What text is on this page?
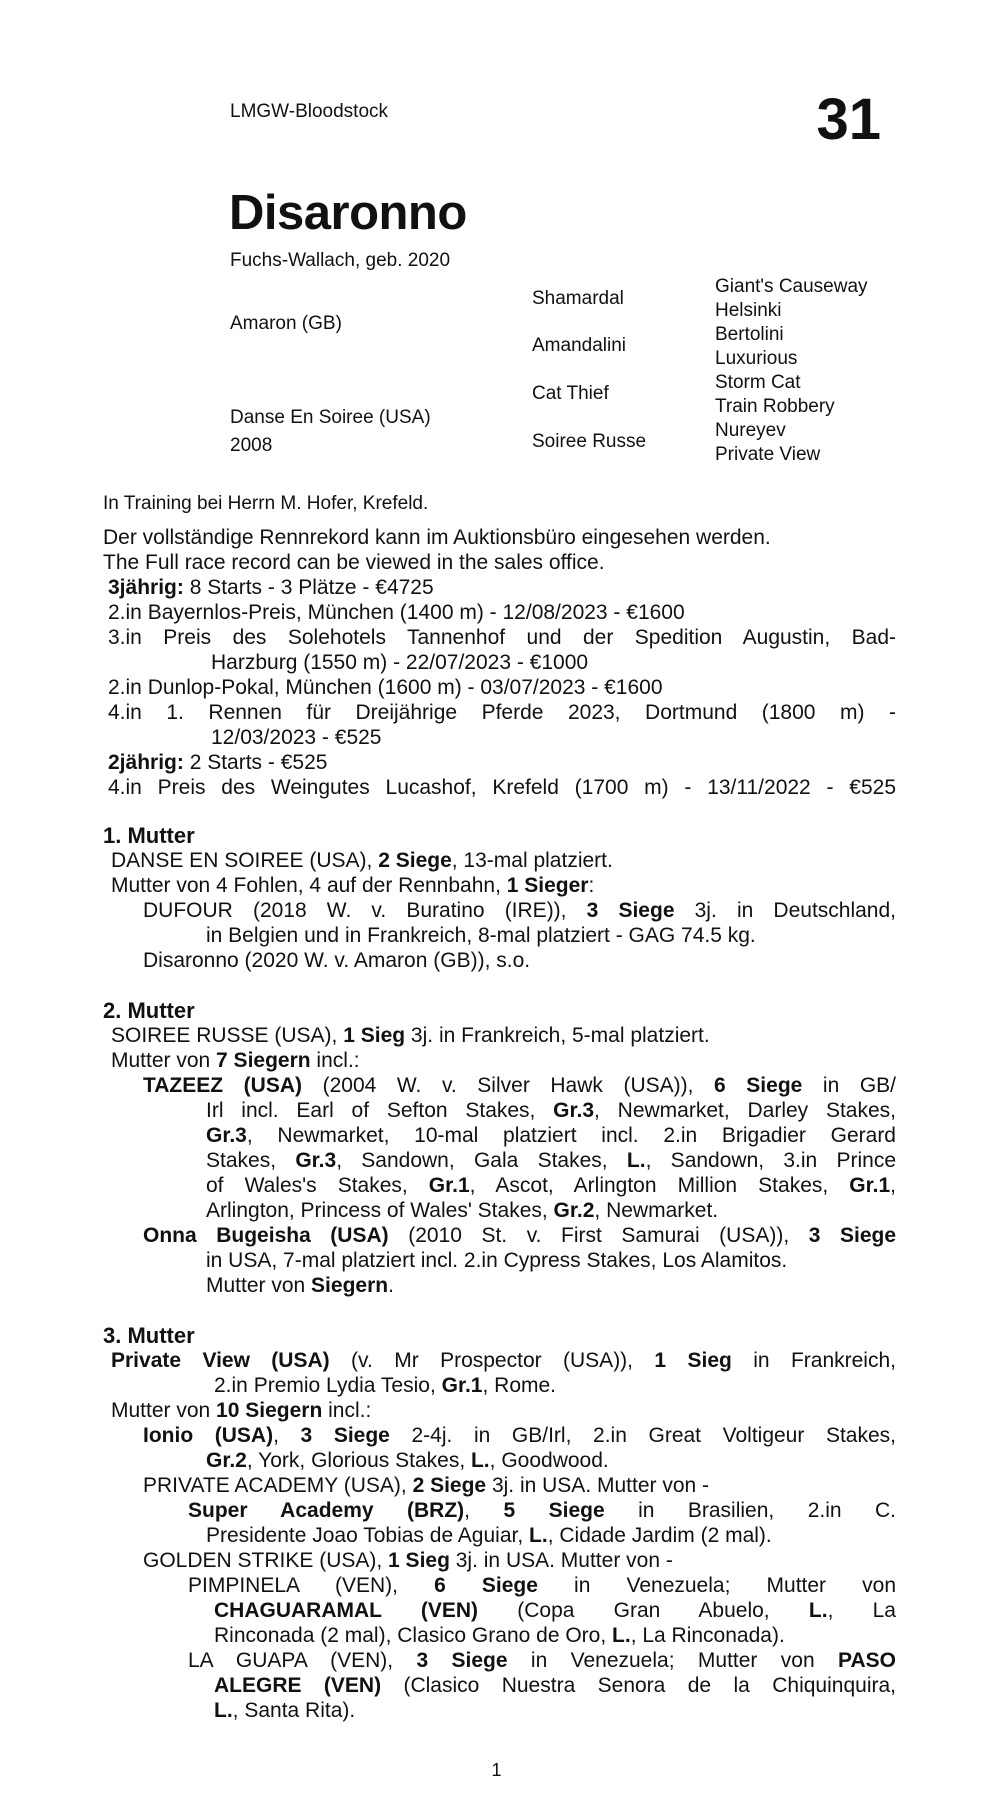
LMGW-Bloodstock	31
Disaronno
Fuchs-Wallach, geb. 2020
Amaron (GB)
Danse En Soiree (USA)
2008
Shamardal
Amandalini
Cat Thief
Soiree Russe
Giant's Causeway
Helsinki
Bertolini
Luxurious
Storm Cat
Train Robbery
Nureyev
Private View
In Training bei Herrn M. Hofer, Krefeld.
Der vollständige Rennrekord kann im Auktionsbüro eingesehen werden.
The Full race record can be viewed in the sales office.
3jährig: 8 Starts - 3 Plätze - €4725
2.in Bayernlos-Preis, München (1400 m) - 12/08/2023 - €1600
3.in Preis des Solehotels Tannenhof und der Spedition Augustin, Bad-
Harzburg (1550 m) - 22/07/2023 - €1000
2.in Dunlop-Pokal, München (1600 m) - 03/07/2023 - €1600
4.in 1. Rennen für Dreijährige Pferde 2023, Dortmund (1800 m) -
12/03/2023 - €525
2jährig: 2 Starts - €525
4.in Preis des Weingutes Lucashof, Krefeld (1700 m) - 13/11/2022 - €525
1. Mutter
DANSE EN SOIREE (USA), 2 Siege, 13-mal platziert.
Mutter von 4 Fohlen, 4 auf der Rennbahn, 1 Sieger:
DUFOUR (2018 W. v. Buratino (IRE)), 3 Siege 3j. in Deutschland,
in Belgien und in Frankreich, 8-mal platziert - GAG 74.5 kg.
Disaronno (2020 W. v. Amaron (GB)), s.o.
2. Mutter
SOIREE RUSSE (USA), 1 Sieg 3j. in Frankreich, 5-mal platziert.
Mutter von 7 Siegern incl.:
TAZEEZ (USA) (2004 W. v. Silver Hawk (USA)), 6 Siege in GB/
Irl incl. Earl of Sefton Stakes, Gr.3, Newmarket, Darley Stakes,
Gr.3, Newmarket, 10-mal platziert incl. 2.in Brigadier Gerard
Stakes, Gr.3, Sandown, Gala Stakes, L., Sandown, 3.in Prince
of Wales's Stakes, Gr.1, Ascot, Arlington Million Stakes, Gr.1,
Arlington, Princess of Wales' Stakes, Gr.2, Newmarket.
Onna Bugeisha (USA) (2010 St. v. First Samurai (USA)), 3 Siege
in USA, 7-mal platziert incl. 2.in Cypress Stakes, Los Alamitos.
Mutter von Siegern.
3. Mutter
Private View (USA) (v. Mr Prospector (USA)), 1 Sieg in Frankreich,
2.in Premio Lydia Tesio, Gr.1, Rome.
Mutter von 10 Siegern incl.:
Ionio (USA), 3 Siege 2-4j. in GB/Irl, 2.in Great Voltigeur Stakes,
Gr.2, York, Glorious Stakes, L., Goodwood.
PRIVATE ACADEMY (USA), 2 Siege 3j. in USA. Mutter von -
Super Academy (BRZ), 5 Siege in Brasilien, 2.in C.
Presidente Joao Tobias de Aguiar, L., Cidade Jardim (2 mal).
GOLDEN STRIKE (USA), 1 Sieg 3j. in USA. Mutter von -
PIMPINELA (VEN), 6 Siege in Venezuela; Mutter von
CHAGUARAMAL (VEN) (Copa Gran Abuelo, L., La
Rinconada (2 mal), Clasico Grano de Oro, L., La Rinconada).
LA GUAPA (VEN), 3 Siege in Venezuela; Mutter von PASO
ALEGRE (VEN) (Clasico Nuestra Senora de la Chiquinquira,
L., Santa Rita).
1
